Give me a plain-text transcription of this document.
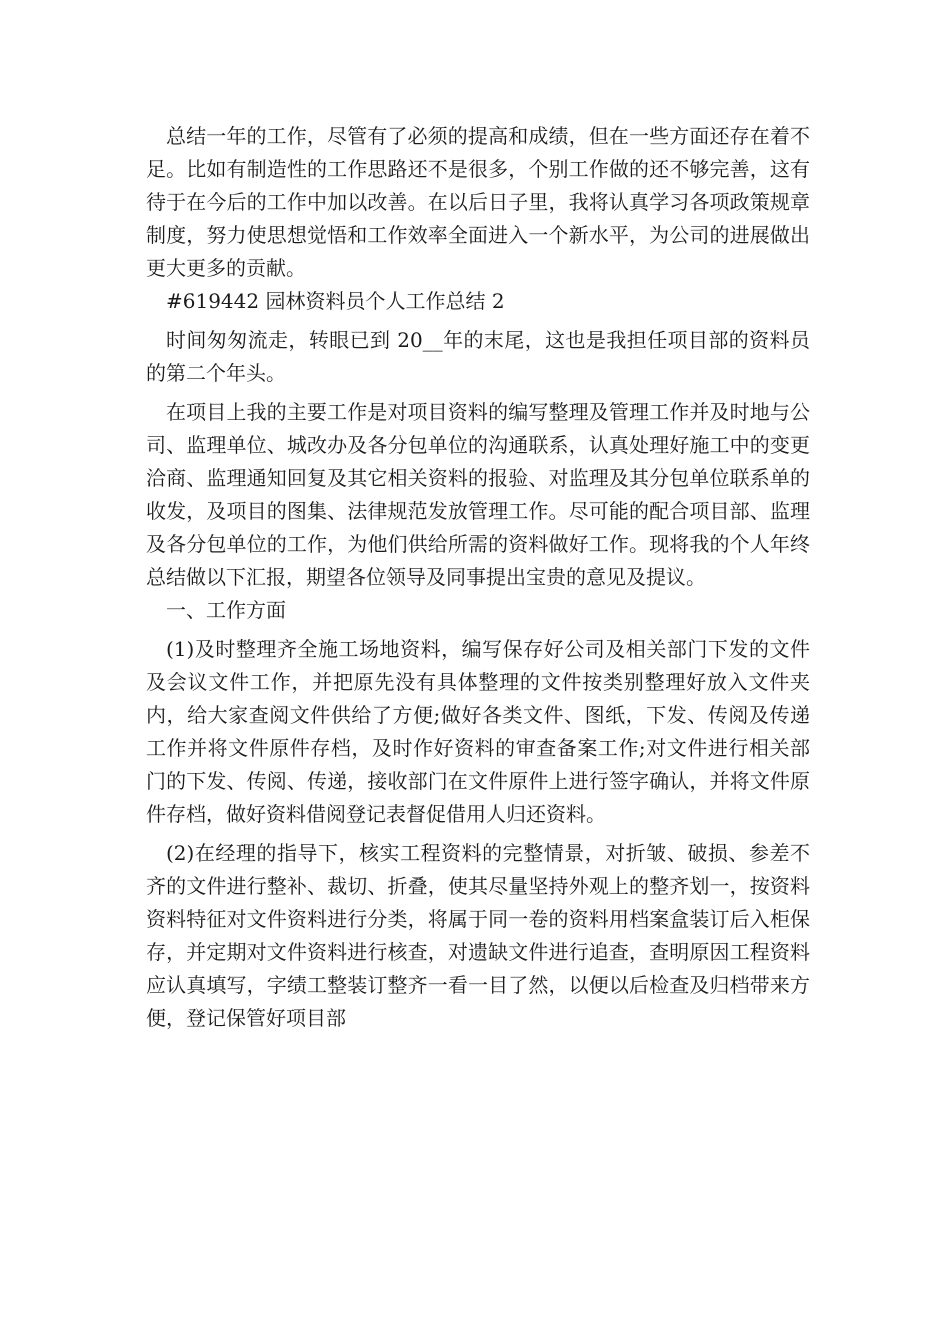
总结一年的工作，尽管有了必须的提高和成绩，但在一些方面还存在着不足。比如有制造性的工作思路还不是很多，个别工作做的还不够完善，这有待于在今后的工作中加以改善。在以后日子里，我将认真学习各项政策规章制度，努力使思想觉悟和工作效率全面进入一个新水平，为公司的进展做出更大更多的贡献。

#619442 园林资料员个人工作总结 2

时间匆匆流走，转眼已到 20__年的末尾，这也是我担任项目部的资料员的第二个年头。

在项目上我的主要工作是对项目资料的编写整理及管理工作并及时地与公司、监理单位、城改办及各分包单位的沟通联系，认真处理好施工中的变更洽商、监理通知回复及其它相关资料的报验、对监理及其分包单位联系单的收发，及项目的图集、法律规范发放管理工作。尽可能的配合项目部、监理及各分包单位的工作，为他们供给所需的资料做好工作。现将我的个人年终总结做以下汇报，期望各位领导及同事提出宝贵的意见及提议。

一、工作方面

(1)及时整理齐全施工场地资料，编写保存好公司及相关部门下发的文件及会议文件工作，并把原先没有具体整理的文件按类别整理好放入文件夹内，给大家查阅文件供给了方便;做好各类文件、图纸，下发、传阅及传递工作并将文件原件存档，及时作好资料的审查备案工作;对文件进行相关部门的下发、传阅、传递，接收部门在文件原件上进行签字确认，并将文件原件存档，做好资料借阅登记表督促借用人归还资料。

(2)在经理的指导下，核实工程资料的完整情景，对折皱、破损、参差不齐的文件进行整补、裁切、折叠，使其尽量坚持外观上的整齐划一，按资料资料特征对文件资料进行分类，将属于同一卷的资料用档案盒装订后入柜保存，并定期对文件资料进行核查，对遗缺文件进行追查，查明原因工程资料应认真填写，字绩工整装订整齐一看一目了然，以便以后检查及归档带来方便，登记保管好项目部
